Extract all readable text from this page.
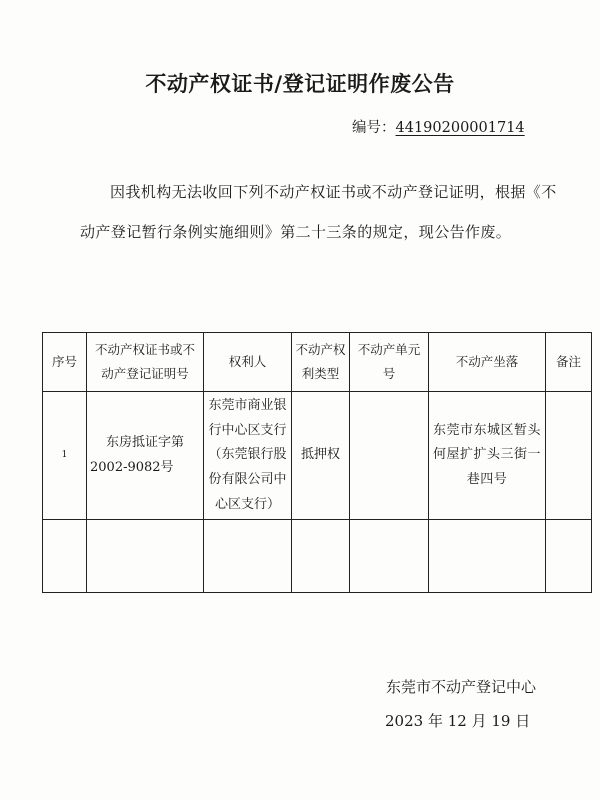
不动产权证书/登记证明作废公告
编号：44190200001714
因我机构无法收回下列不动产权证书或不动产登记证明，根据《不动产登记暂行条例实施细则》第二十三条的规定，现公告作废。
序号	不动产权证书或不动产登记证明号	权利人	不动产权利类型	不动产单元号	不动产坐落	备注
1	东房抵证字第2002-9082号	东莞市商业银行中心区支行（东莞银行股份有限公司中心区支行）	抵押权		东莞市东城区暂头何屋扩扩头三街一巷四号	

东莞市不动产登记中心
2023 年 12 月 19 日
